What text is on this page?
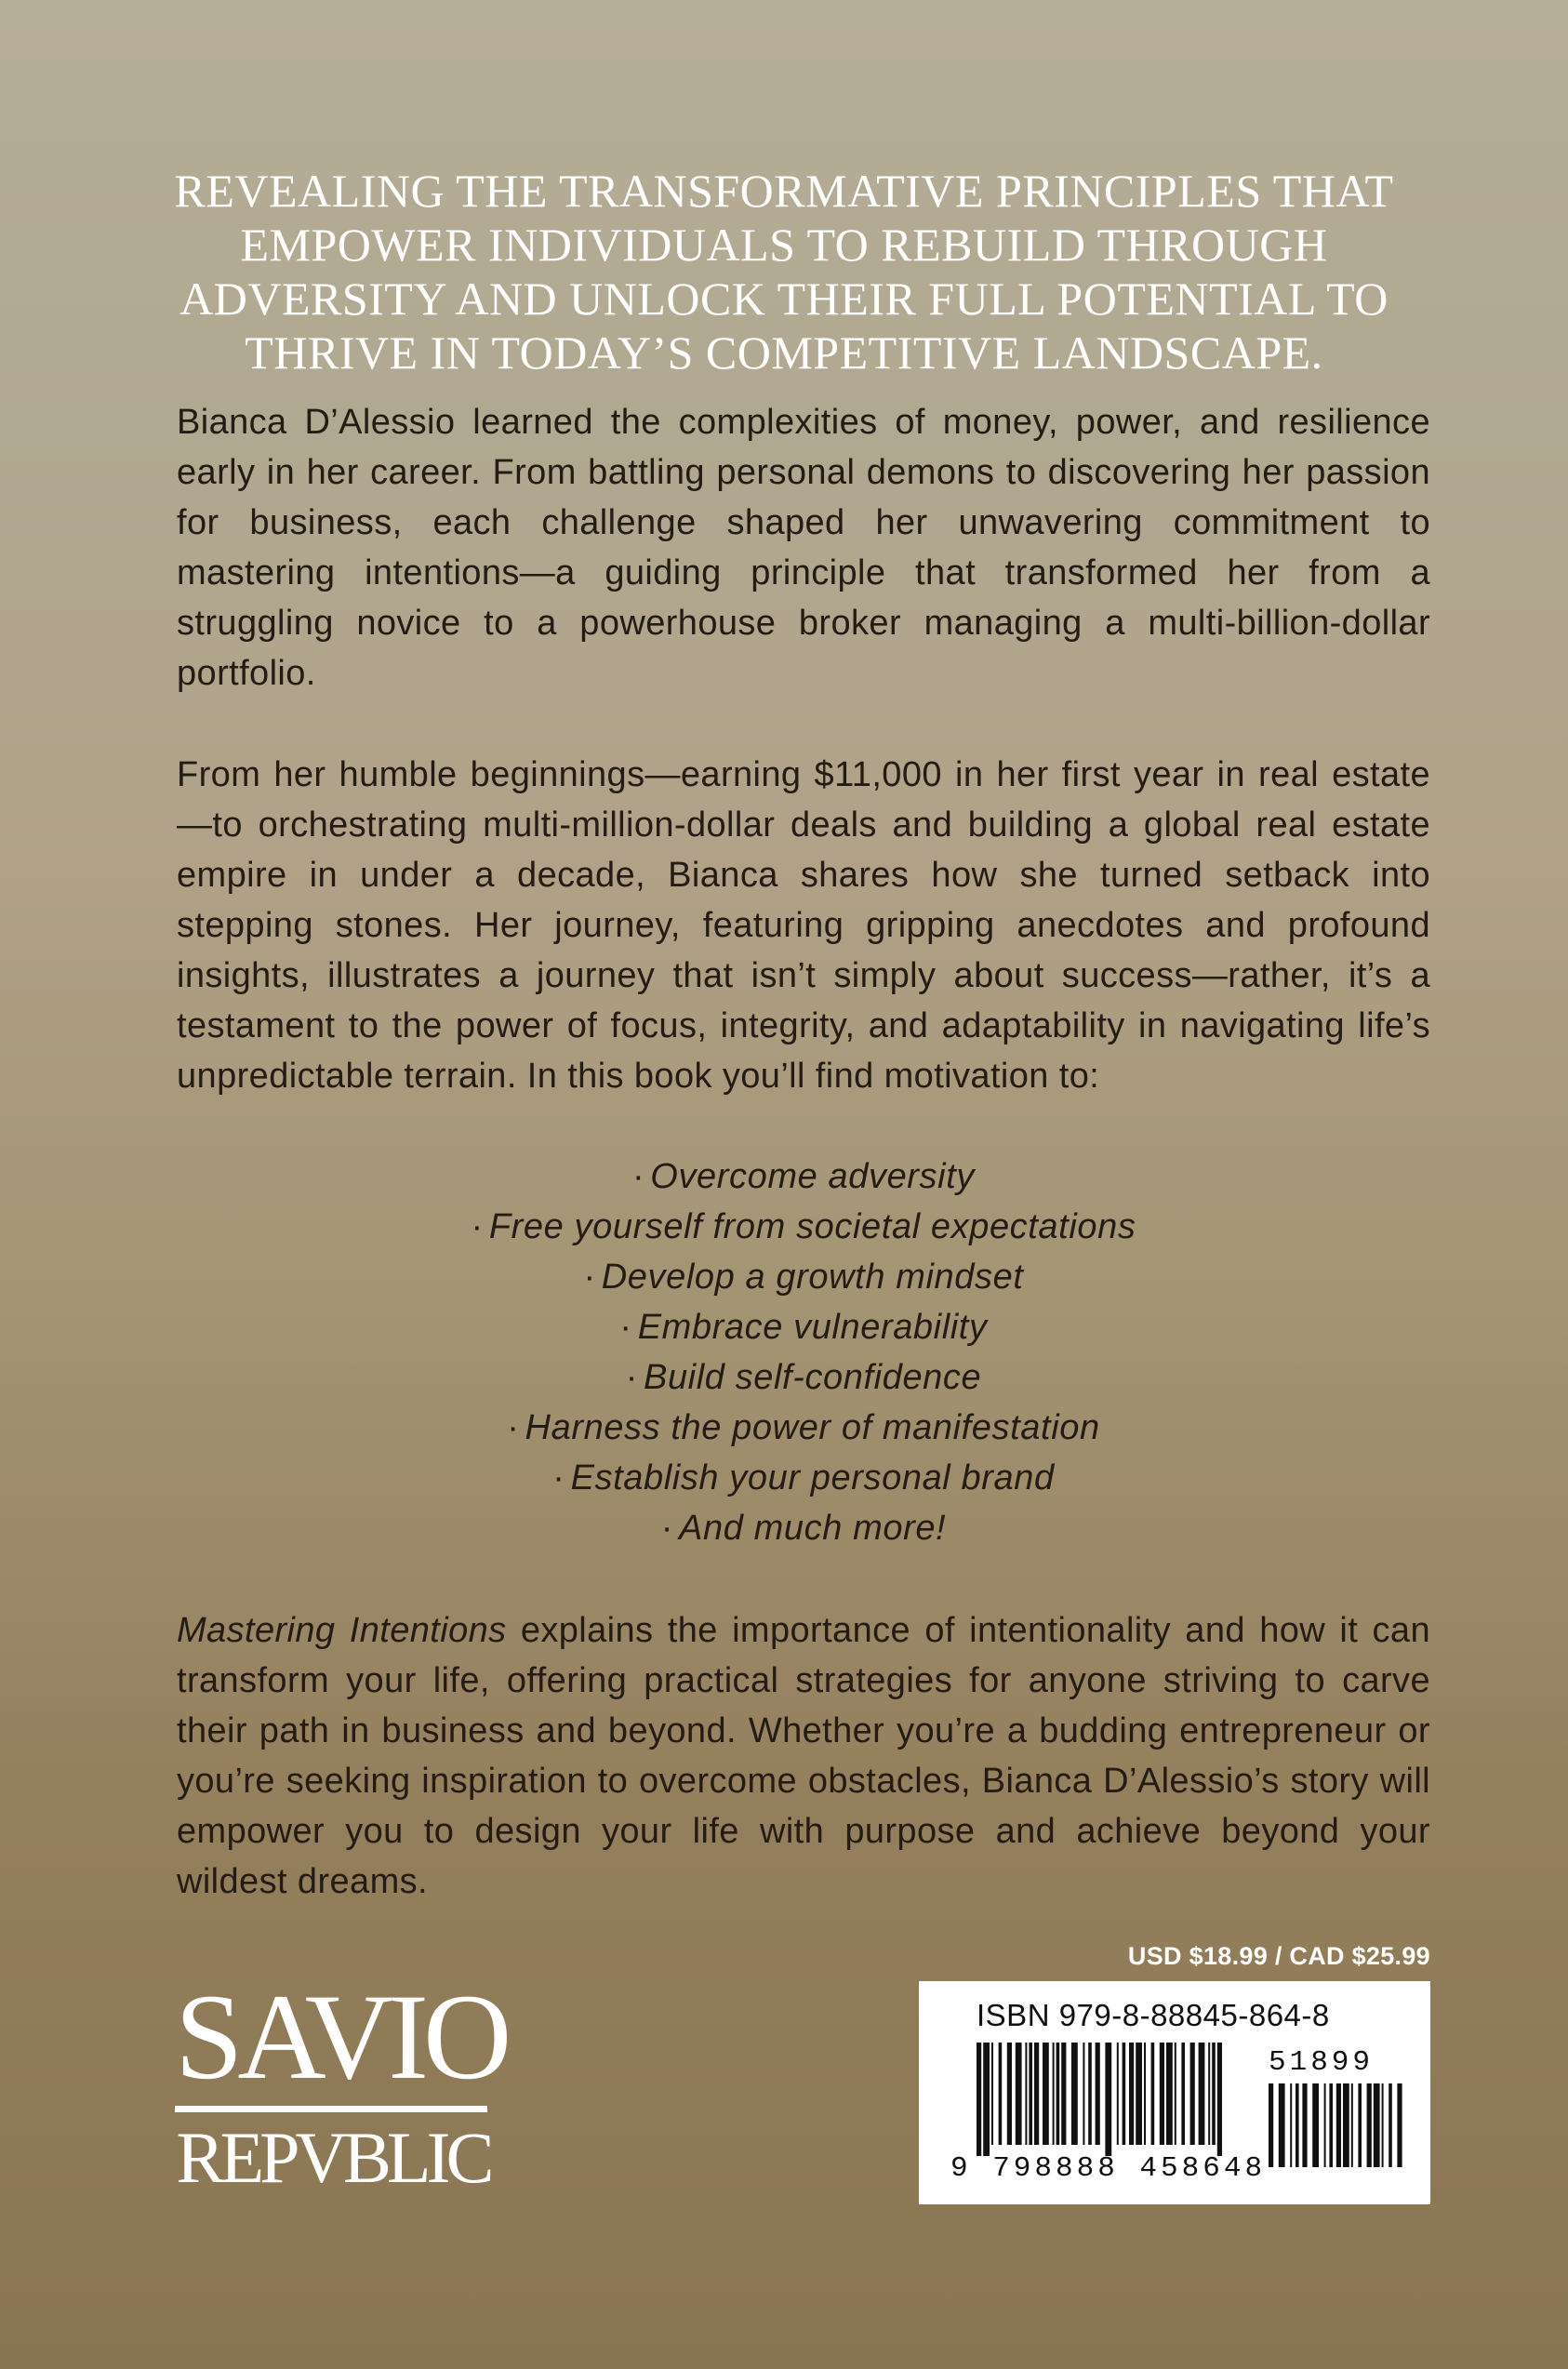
REVEALING THE TRANSFORMATIVE PRINCIPLES THAT EMPOWER INDIVIDUALS TO REBUILD THROUGH ADVERSITY AND UNLOCK THEIR FULL POTENTIAL TO THRIVE IN TODAY’S COMPETITIVE LANDSCAPE.

Bianca D’Alessio learned the complexities of money, power, and resilience early in her career. From battling personal demons to discovering her passion for business, each challenge shaped her unwavering commitment to mastering intentions—a guiding principle that transformed her from a struggling novice to a powerhouse broker managing a multi-billion-dollar portfolio.

From her humble beginnings—earning $11,000 in her first year in real estate—to orchestrating multi-million-dollar deals and building a global real estate empire in under a decade, Bianca shares how she turned setback into stepping stones. Her journey, featuring gripping anecdotes and profound insights, illustrates a journey that isn’t simply about success—rather, it’s a testament to the power of focus, integrity, and adaptability in navigating life’s unpredictable terrain. In this book you’ll find motivation to:

· Overcome adversity
· Free yourself from societal expectations
· Develop a growth mindset
· Embrace vulnerability
· Build self-confidence
· Harness the power of manifestation
· Establish your personal brand
· And much more!

Mastering Intentions explains the importance of intentionality and how it can transform your life, offering practical strategies for anyone striving to carve their path in business and beyond. Whether you’re a budding entrepreneur or you’re seeking inspiration to overcome obstacles, Bianca D’Alessio’s story will empower you to design your life with purpose and achieve beyond your wildest dreams.

SAVIO
REPVBLIC
USD $18.99 / CAD $25.99
ISBN 979-8-88845-864-8
9 798888 458648
51899
